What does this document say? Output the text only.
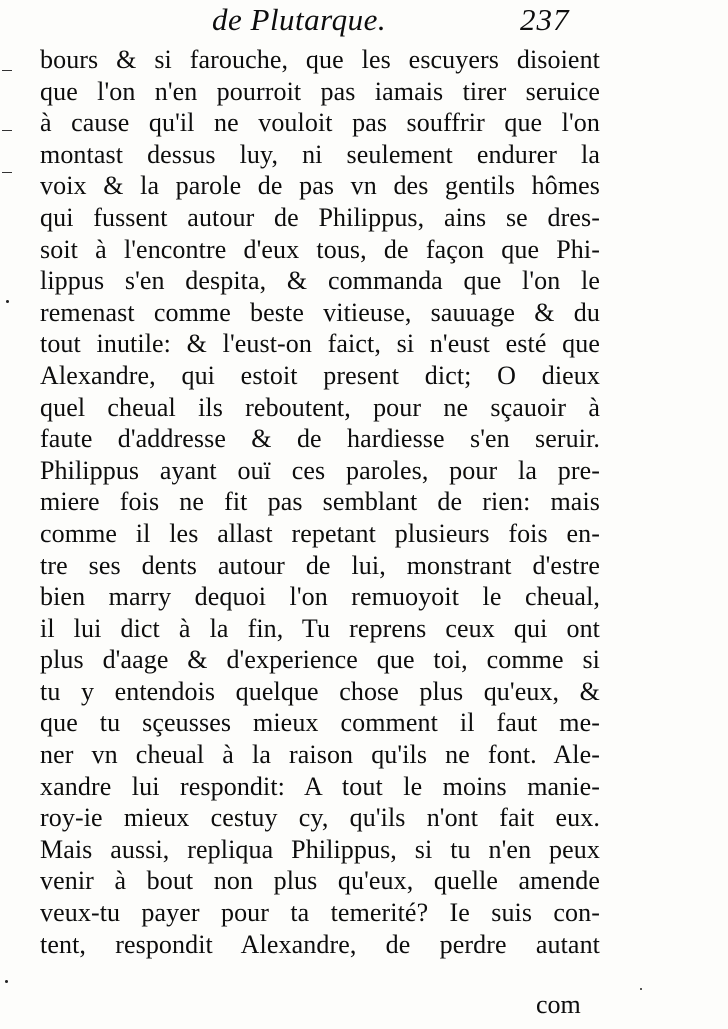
de Plutarque.	237
bours & si farouche, que les escuyers disoient
que l'on n'en pourroit pas iamais tirer seruice
à cause qu'il ne vouloit pas souffrir que l'on
montast dessus luy, ni seulement endurer la
voix & la parole de pas vn des gentils hômes
qui fussent autour de Philippus, ains se dres-
soit à l'encontre d'eux tous, de façon que Phi-
lippus s'en despita, & commanda que l'on le
remenast comme beste vitieuse, sauuage & du
tout inutile: & l'eust-on faict, si n'eust esté que
Alexandre, qui estoit present dict; O dieux
quel cheual ils reboutent, pour ne sçauoir à
faute d'addresse & de hardiesse s'en seruir.
Philippus ayant ouï ces paroles, pour la pre-
miere fois ne fit pas semblant de rien: mais
comme il les allast repetant plusieurs fois en-
tre ses dents autour de lui, monstrant d'estre
bien marry dequoi l'on remuoyoit le cheual,
il lui dict à la fin, Tu reprens ceux qui ont
plus d'aage & d'experience que toi, comme si
tu y entendois quelque chose plus qu'eux, &
que tu sçeusses mieux comment il faut me-
ner vn cheual à la raison qu'ils ne font. Ale-
xandre lui respondit: A tout le moins manie-
roy-ie mieux cestuy cy, qu'ils n'ont fait eux.
Mais aussi, repliqua Philippus, si tu n'en peux
venir à bout non plus qu'eux, quelle amende
veux-tu payer pour ta temerité? Ie suis con-
tent, respondit Alexandre, de perdre autant
com
